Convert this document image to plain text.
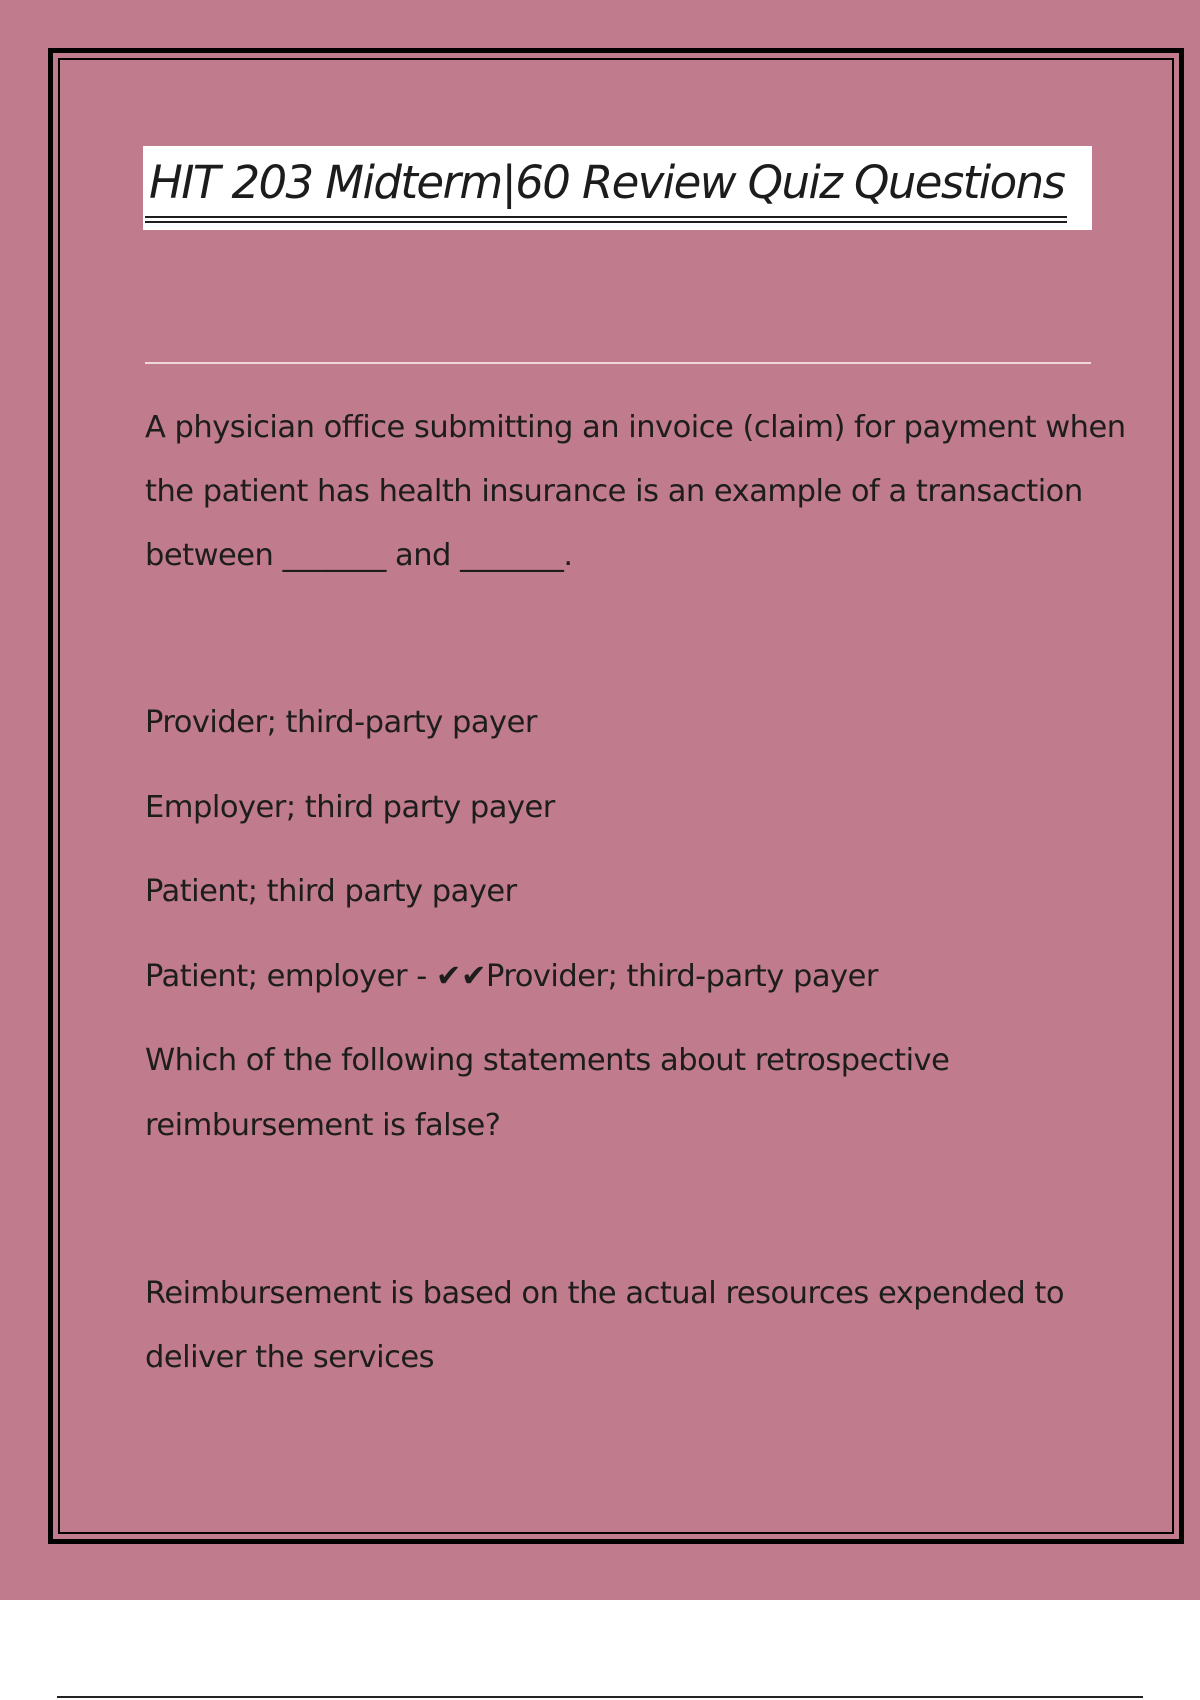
HIT 203 Midterm|60 Review Quiz Questions
A physician office submitting an invoice (claim) for payment when
the patient has health insurance is an example of a transaction
between _______ and _______.
Provider; third-party payer
Employer; third party payer
Patient; third party payer
Patient; employer - ✔✔Provider; third-party payer
Which of the following statements about retrospective
reimbursement is false?
Reimbursement is based on the actual resources expended to
deliver the services
